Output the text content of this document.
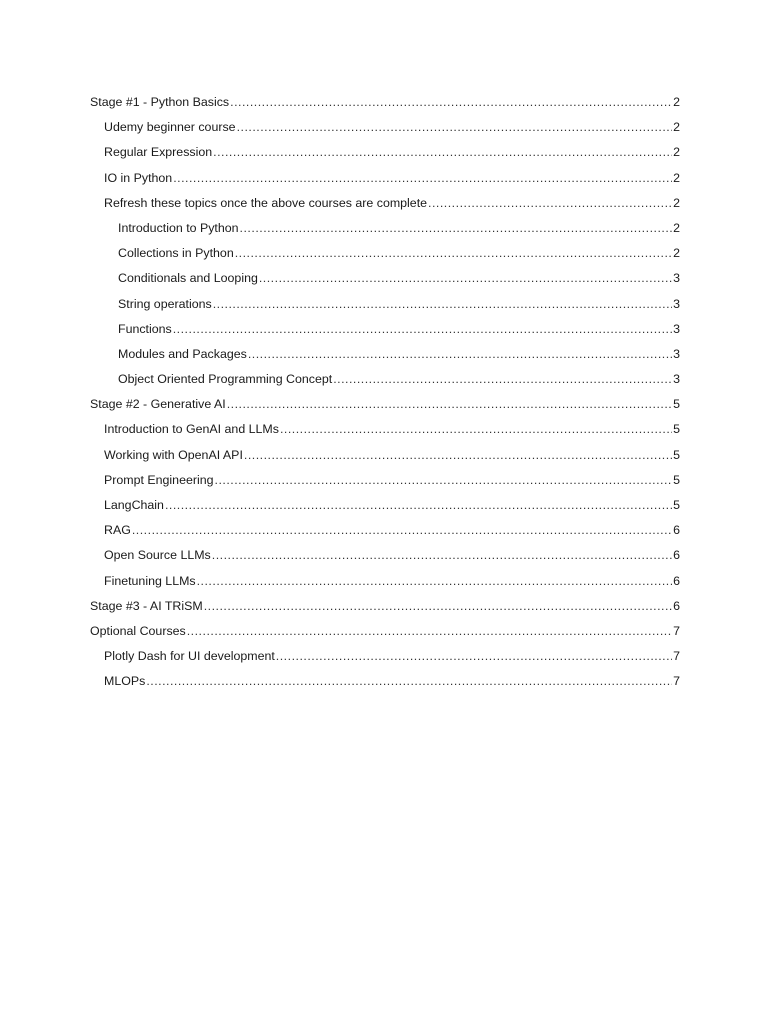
Stage #1 - Python Basics .....	2
Udemy beginner course .....	2
Regular Expression .....	2
IO in Python .....	2
Refresh these topics once the above courses are complete .....	2
Introduction to Python .....	2
Collections in Python .....	2
Conditionals and Looping .....	3
String operations .....	3
Functions .....	3
Modules and Packages .....	3
Object Oriented Programming Concept .....	3
Stage #2 - Generative AI .....	5
Introduction to GenAI and LLMs .....	5
Working with OpenAI API .....	5
Prompt Engineering .....	5
LangChain .....	5
RAG .....	6
Open Source LLMs .....	6
Finetuning LLMs .....	6
Stage #3 - AI TRiSM .....	6
Optional Courses .....	7
Plotly Dash for UI development .....	7
MLOPs .....	7
